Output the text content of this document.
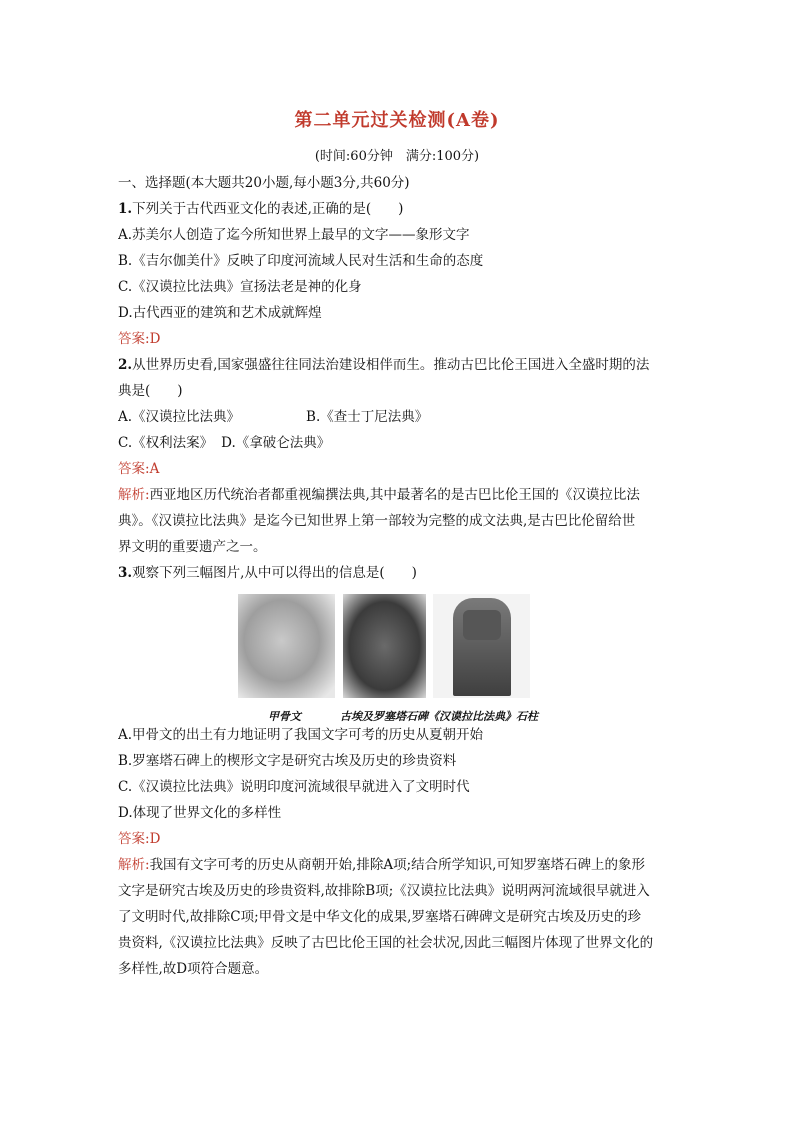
第二单元过关检测(A卷)
(时间:60分钟　满分:100分)
一、选择题(本大题共20小题,每小题3分,共60分)
1.下列关于古代西亚文化的表述,正确的是(　　)
A.苏美尔人创造了迄今所知世界上最早的文字——象形文字
B.《吉尔伽美什》反映了印度河流域人民对生活和生命的态度
C.《汉谟拉比法典》宣扬法老是神的化身
D.古代西亚的建筑和艺术成就辉煌
答案:D
2.从世界历史看,国家强盛往往同法治建设相伴而生。推动古巴比伦王国进入全盛时期的法
典是(　　)
A.《汉谟拉比法典》	B.《查士丁尼法典》
C.《权利法案》 D.《拿破仑法典》
答案:A
解析:西亚地区历代统治者都重视编撰法典,其中最著名的是古巴比伦王国的《汉谟拉比法
典》。《汉谟拉比法典》是迄今已知世界上第一部较为完整的成文法典,是古巴比伦留给世
界文明的重要遗产之一。
3.观察下列三幅图片,从中可以得出的信息是(　　)
甲骨文	古埃及罗塞塔石碑《汉谟拉比法典》石柱
A.甲骨文的出土有力地证明了我国文字可考的历史从夏朝开始
B.罗塞塔石碑上的楔形文字是研究古埃及历史的珍贵资料
C.《汉谟拉比法典》说明印度河流域很早就进入了文明时代
D.体现了世界文化的多样性
答案:D
解析:我国有文字可考的历史从商朝开始,排除A项;结合所学知识,可知罗塞塔石碑上的象形
文字是研究古埃及历史的珍贵资料,故排除B项;《汉谟拉比法典》说明两河流域很早就进入
了文明时代,故排除C项;甲骨文是中华文化的成果,罗塞塔石碑碑文是研究古埃及历史的珍
贵资料,《汉谟拉比法典》反映了古巴比伦王国的社会状况,因此三幅图片体现了世界文化的
多样性,故D项符合题意。
